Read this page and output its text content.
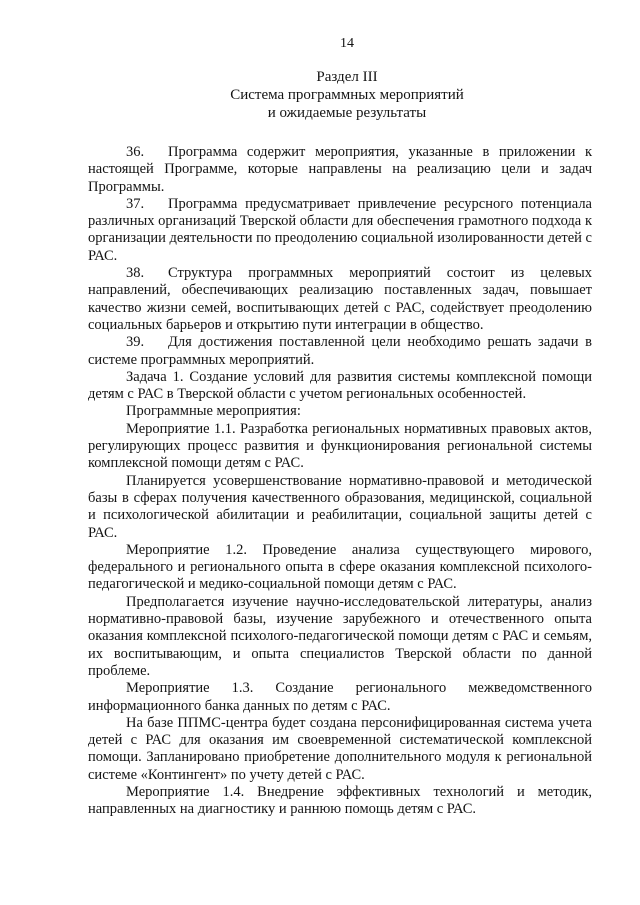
14
Раздел III
Система программных мероприятий
и ожидаемые результаты

36. Программа содержит мероприятия, указанные в приложении к настоящей Программе, которые направлены на реализацию цели и задач Программы.

37. Программа предусматривает привлечение ресурсного потенциала различных организаций Тверской области для обеспечения грамотного подхода к организации деятельности по преодолению социальной изолированности детей с РАС.

38. Структура программных мероприятий состоит из целевых направлений, обеспечивающих реализацию поставленных задач, повышает качество жизни семей, воспитывающих детей с РАС, содействует преодолению социальных барьеров и открытию пути интеграции в общество.

39. Для достижения поставленной цели необходимо решать задачи в системе программных мероприятий.

Задача 1. Создание условий для развития системы комплексной помощи детям с РАС в Тверской области с учетом региональных особенностей.

Программные мероприятия:

Мероприятие 1.1. Разработка региональных нормативных правовых актов, регулирующих процесс развития и функционирования региональной системы комплексной помощи детям с РАС.

Планируется усовершенствование нормативно-правовой и методической базы в сферах получения качественного образования, медицинской, социальной и психологической абилитации и реабилитации, социальной защиты детей с РАС.

Мероприятие 1.2. Проведение анализа существующего мирового, федерального и регионального опыта в сфере оказания комплексной психолого-педагогической и медико-социальной помощи детям с РАС.

Предполагается изучение научно-исследовательской литературы, анализ нормативно-правовой базы, изучение зарубежного и отечественного опыта оказания комплексной психолого-педагогической помощи детям с РАС и семьям, их воспитывающим, и опыта специалистов Тверской области по данной проблеме.

Мероприятие 1.3. Создание регионального межведомственного информационного банка данных по детям с РАС.

На базе ППМС-центра будет создана персонифицированная система учета детей с РАС для оказания им своевременной систематической комплексной помощи. Запланировано приобретение дополнительного модуля к региональной системе «Контингент» по учету детей с РАС.

Мероприятие 1.4. Внедрение эффективных технологий и методик, направленных на диагностику и раннюю помощь детям с РАС.
